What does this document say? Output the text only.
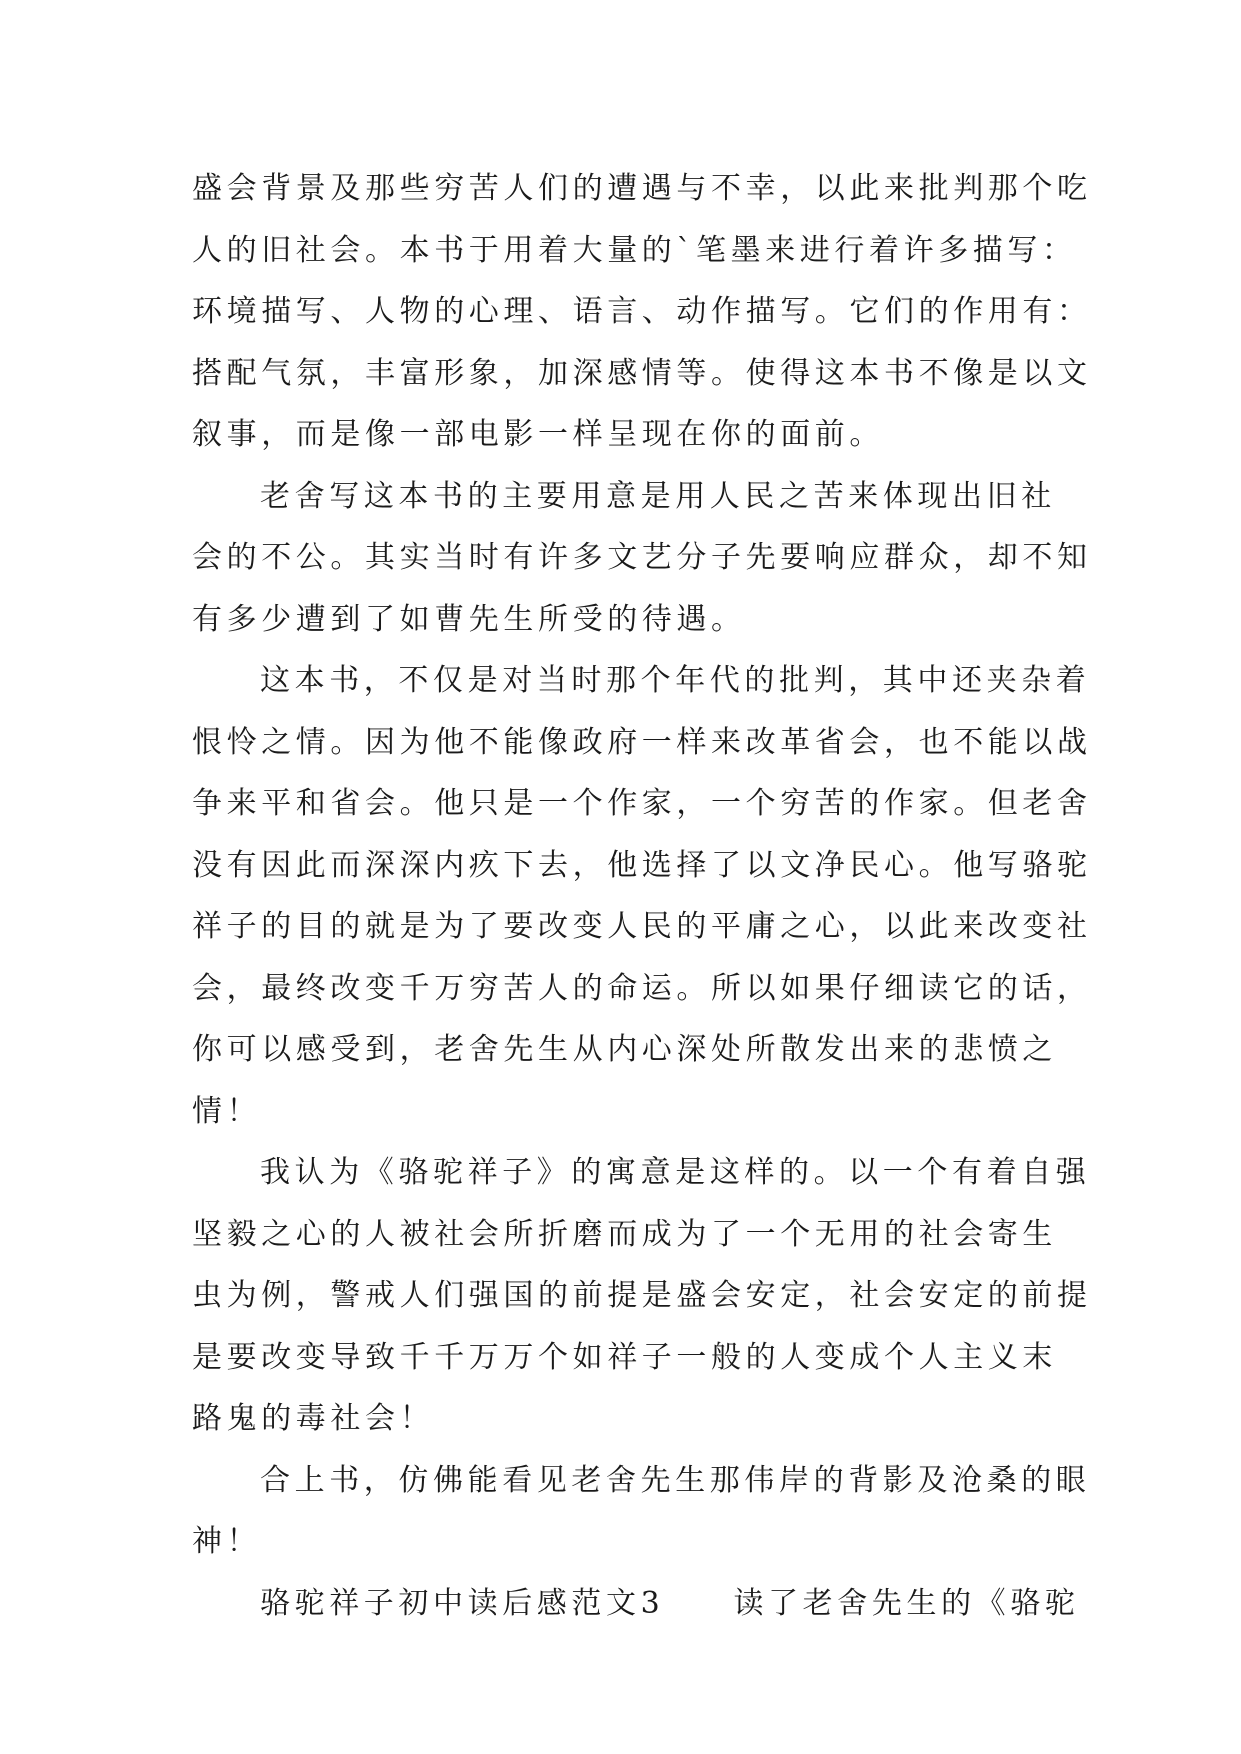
盛会背景及那些穷苦人们的遭遇与不幸，以此来批判那个吃
人的旧社会。本书于用着大量的`笔墨来进行着许多描写：
环境描写、人物的心理、语言、动作描写。它们的作用有：
搭配气氛，丰富形象，加深感情等。使得这本书不像是以文
叙事，而是像一部电影一样呈现在你的面前。

老舍写这本书的主要用意是用人民之苦来体现出旧社
会的不公。其实当时有许多文艺分子先要响应群众，却不知
有多少遭到了如曹先生所受的待遇。

这本书，不仅是对当时那个年代的批判，其中还夹杂着
恨怜之情。因为他不能像政府一样来改革省会，也不能以战
争来平和省会。他只是一个作家，一个穷苦的作家。但老舍
没有因此而深深内疚下去，他选择了以文净民心。他写骆驼
祥子的目的就是为了要改变人民的平庸之心，以此来改变社
会，最终改变千万穷苦人的命运。所以如果仔细读它的话，
你可以感受到，老舍先生从内心深处所散发出来的悲愤之
情！

我认为《骆驼祥子》的寓意是这样的。以一个有着自强
坚毅之心的人被社会所折磨而成为了一个无用的社会寄生
虫为例，警戒人们强国的前提是盛会安定，社会安定的前提
是要改变导致千千万万个如祥子一般的人变成个人主义末
路鬼的毒社会！

合上书，仿佛能看见老舍先生那伟岸的背影及沧桑的眼
神！

骆驼祥子初中读后感范文3　　读了老舍先生的《骆驼
